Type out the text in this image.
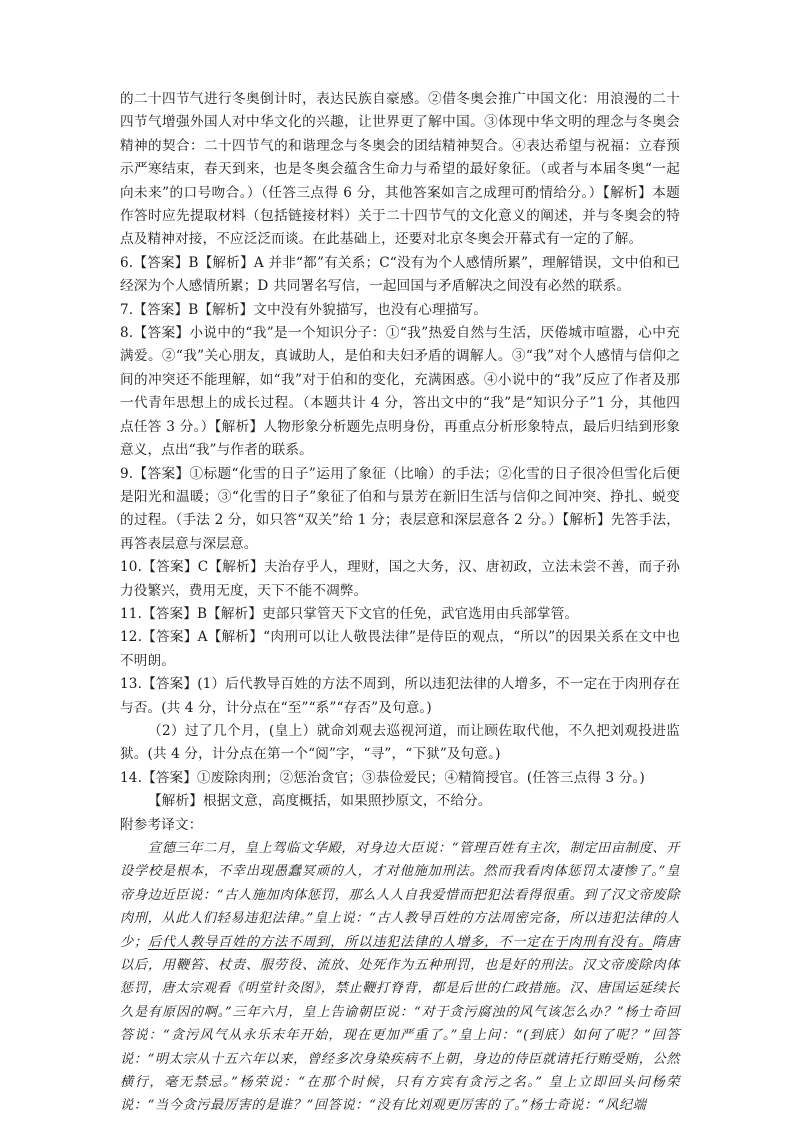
的二十四节气进行冬奥倒计时，表达民族自豪感。②借冬奥会推广中国文化：用浪漫的二十四节气增强外国人对中华文化的兴趣，让世界更了解中国。③体现中华文明的理念与冬奥会精神的契合：二十四节气的和谐理念与冬奥会的团结精神契合。④表达希望与祝福：立春预示严寒结束，春天到来，也是冬奥会蕴含生命力与希望的最好象征。（或者与本届冬奥“一起向未来”的口号吻合。）（任答三点得 6 分，其他答案如言之成理可酌情给分。）【解析】本题作答时应先提取材料（包括链接材料）关于二十四节气的文化意义的阐述，并与冬奥会的特点及精神对接，不应泛泛而谈。在此基础上，还要对北京冬奥会开幕式有一定的了解。

6.【答案】B【解析】A 并非“都”有关系；C“没有为个人感情所累”，理解错误，文中伯和已经深为个人感情所累；D 共同署名写信，一起回国与矛盾解决之间没有必然的联系。

7.【答案】B【解析】文中没有外貌描写，也没有心理描写。

8.【答案】小说中的“我”是一个知识分子：①“我”热爱自然与生活，厌倦城市喧嚣，心中充满爱。②“我”关心朋友，真诚助人，是伯和夫妇矛盾的调解人。③“我”对个人感情与信仰之间的冲突还不能理解，如“我”对于伯和的变化，充满困惑。④小说中的“我”反应了作者及那一代青年思想上的成长过程。（本题共计 4 分，答出文中的“我”是“知识分子”1 分，其他四点任答 3 分。）【解析】人物形象分析题先点明身份，再重点分析形象特点，最后归结到形象意义，点出“我”与作者的联系。

9.【答案】①标题“化雪的日子”运用了象征（比喻）的手法；②化雪的日子很冷但雪化后便是阳光和温暖；③“化雪的日子”象征了伯和与景芳在新旧生活与信仰之间冲突、挣扎、蜕变的过程。（手法 2 分，如只答“双关”给 1 分；表层意和深层意各 2 分。）【解析】先答手法，再答表层意与深层意。

10.【答案】C【解析】夫治存乎人，理财，国之大务，汉、唐初政，立法未尝不善，而子孙力役繁兴，费用无度，天下不能不凋弊。

11.【答案】B【解析】吏部只掌管天下文官的任免，武官选用由兵部掌管。

12.【答案】A【解析】“肉刑可以让人敬畏法律”是侍臣的观点，“所以”的因果关系在文中也不明朗。

13.【答案】(1）后代教导百姓的方法不周到，所以违犯法律的人增多，不一定在于肉刑存在与否。(共 4 分，计分点在“至”“系”“存否”及句意。)

（2）过了几个月，(皇上）就命刘观去巡视河道，而让顾佐取代他，不久把刘观投进监狱。(共 4 分，计分点在第一个“阅”字，“寻”，“下狱”及句意。)

14.【答案】①废除肉刑；②惩治贪官；③恭俭爱民；④精简授官。(任答三点得 3 分。)

【解析】根据文意，高度概括，如果照抄原文，不给分。

附参考译文：

宣德三年二月，皇上驾临文华殿，对身边大臣说：“管理百姓有主次，制定田亩制度、开设学校是根本，不幸出现愚蠢冥顽的人，才对他施加刑法。然而我看肉体惩罚太凄惨了。”皇帝身边近臣说：“古人施加肉体惩罚，那么人人自我爱惜而把犯法看得很重。到了汉文帝废除肉刑，从此人们轻易违犯法律。”皇上说：“古人教导百姓的方法周密完备，所以违犯法律的人少；后代人教导百姓的方法不周到，所以违犯法律的人增多，不一定在于肉刑有没有。隋唐以后，用鞭笞、杖责、服劳役、流放、处死作为五种刑罚，也是好的刑法。汉文帝废除肉体惩罚，唐太宗观看《明堂针灸图》，禁止鞭打脊背，都是后世的仁政措施。汉、唐国运延续长久是有原因的啊。”三年六月，皇上告谕朝臣说：“对于贪污腐浊的风气该怎么办？”杨士奇回答说：“贪污风气从永乐末年开始，现在更加严重了。”皇上问：“(到底）如何了呢？”回答说：“明太宗从十五六年以来，曾经多次身染疾病不上朝，身边的侍臣就请托行贿受贿，公然横行，毫无禁忌。”杨荣说：“在那个时候，只有方宾有贪污之名。” 皇上立即回头问杨荣说：“当今贪污最厉害的是谁？”回答说：“没有比刘观更厉害的了。”杨士奇说：“风纪端
